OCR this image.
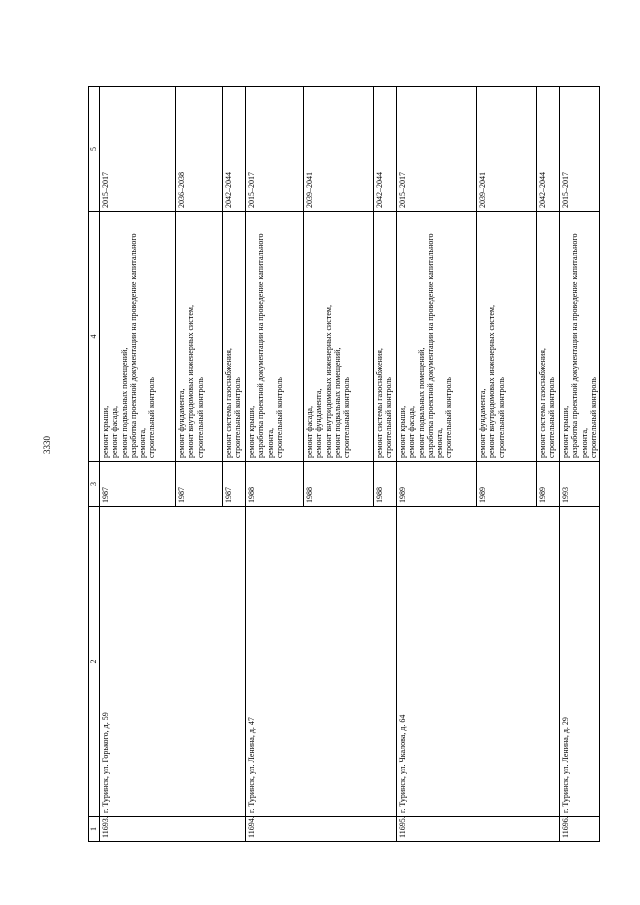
3330
1	2	3	4	5
11693.	г. Туринск, ул. Горького, д. 59	1987	ремонт крыши,
ремонт фасада,
ремонт подвальных помещений,
разработка проектной документации на проведение капитального ремонта,
строительный контроль	2015–2017
		1987	ремонт фундамента,
ремонт внутридомовых инженерных систем,
строительный контроль	2036–2038
		1987	ремонт системы газоснабжения,
строительный контроль	2042–2044
11694.	г. Туринск, ул. Ленина, д. 47	1988	ремонт крыши,
разработка проектной документации на проведение капитального ремонта,
строительный контроль	2015–2017
		1988	ремонт фасада,
ремонт фундамента,
ремонт внутридомовых инженерных систем,
ремонт подвальных помещений,
строительный контроль	2039–2041
		1988	ремонт системы газоснабжения,
строительный контроль	2042–2044
11695.	г. Туринск, ул. Чкалова, д. 64	1989	ремонт крыши,
ремонт фасада,
ремонт подвальных помещений,
разработка проектной документации на проведение капитального ремонта,
строительный контроль	2015–2017
		1989	ремонт фундамента,
ремонт внутридомовых инженерных систем,
строительный контроль	2039–2041
		1989	ремонт системы газоснабжения,
строительный контроль	2042–2044
11696.	г. Туринск, ул. Ленина, д. 29	1993	ремонт крыши,
разработка проектной документации на проведение капитального ремонта,
строительный контроль	2015–2017
